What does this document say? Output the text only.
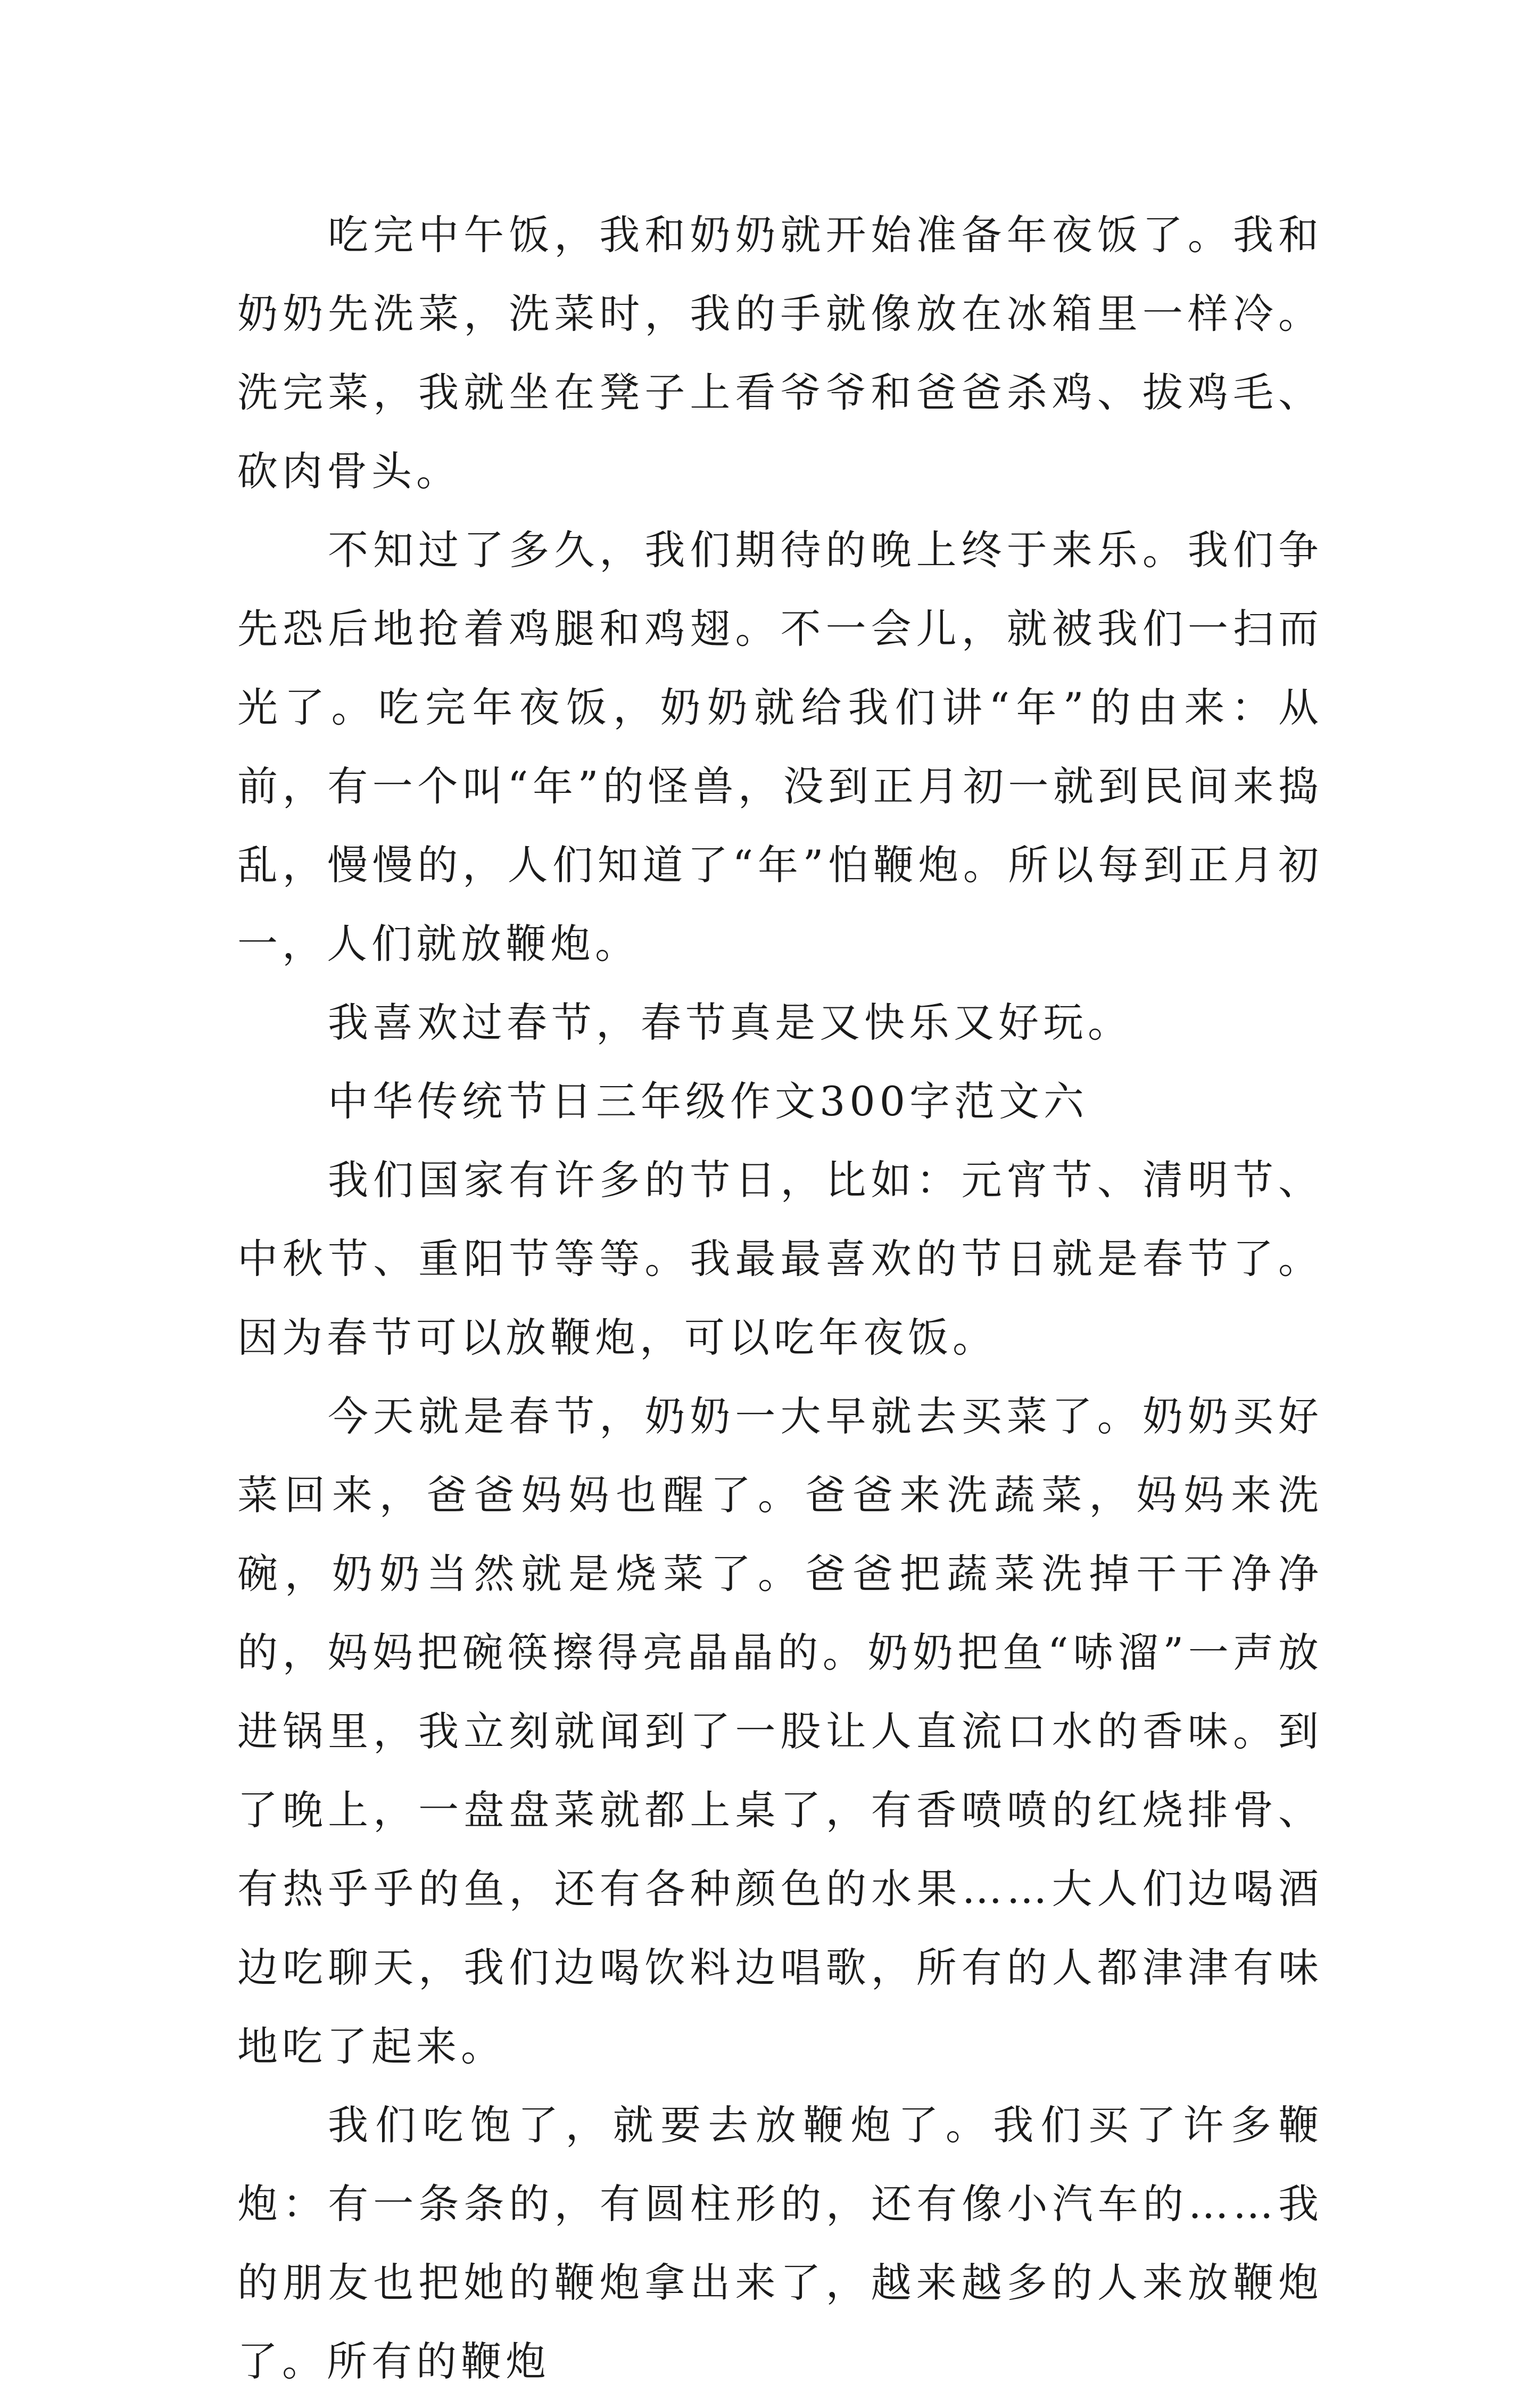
吃完中午饭，我和奶奶就开始准备年夜饭了。我和奶奶先洗菜，洗菜时，我的手就像放在冰箱里一样冷。洗完菜，我就坐在凳子上看爷爷和爸爸杀鸡、拔鸡毛、砍肉骨头。

不知过了多久，我们期待的晚上终于来乐。我们争先恐后地抢着鸡腿和鸡翅。不一会儿，就被我们一扫而光了。吃完年夜饭，奶奶就给我们讲“年”的由来：从前，有一个叫“年”的怪兽，没到正月初一就到民间来捣乱，慢慢的，人们知道了“年”怕鞭炮。所以每到正月初一，人们就放鞭炮。

我喜欢过春节，春节真是又快乐又好玩。

中华传统节日三年级作文300字范文六

我们国家有许多的节日，比如：元宵节、清明节、中秋节、重阳节等等。我最最喜欢的节日就是春节了。因为春节可以放鞭炮，可以吃年夜饭。

今天就是春节，奶奶一大早就去买菜了。奶奶买好菜回来，爸爸妈妈也醒了。爸爸来洗蔬菜，妈妈来洗碗，奶奶当然就是烧菜了。爸爸把蔬菜洗掉干干净净的，妈妈把碗筷擦得亮晶晶的。奶奶把鱼“哧溜”一声放进锅里，我立刻就闻到了一股让人直流口水的香味。到了晚上，一盘盘菜就都上桌了，有香喷喷的红烧排骨、有热乎乎的鱼，还有各种颜色的水果……大人们边喝酒边吃聊天，我们边喝饮料边唱歌，所有的人都津津有味地吃了起来。

我们吃饱了，就要去放鞭炮了。我们买了许多鞭炮：有一条条的，有圆柱形的，还有像小汽车的……我的朋友也把她的鞭炮拿出来了，越来越多的人来放鞭炮了。所有的鞭炮
